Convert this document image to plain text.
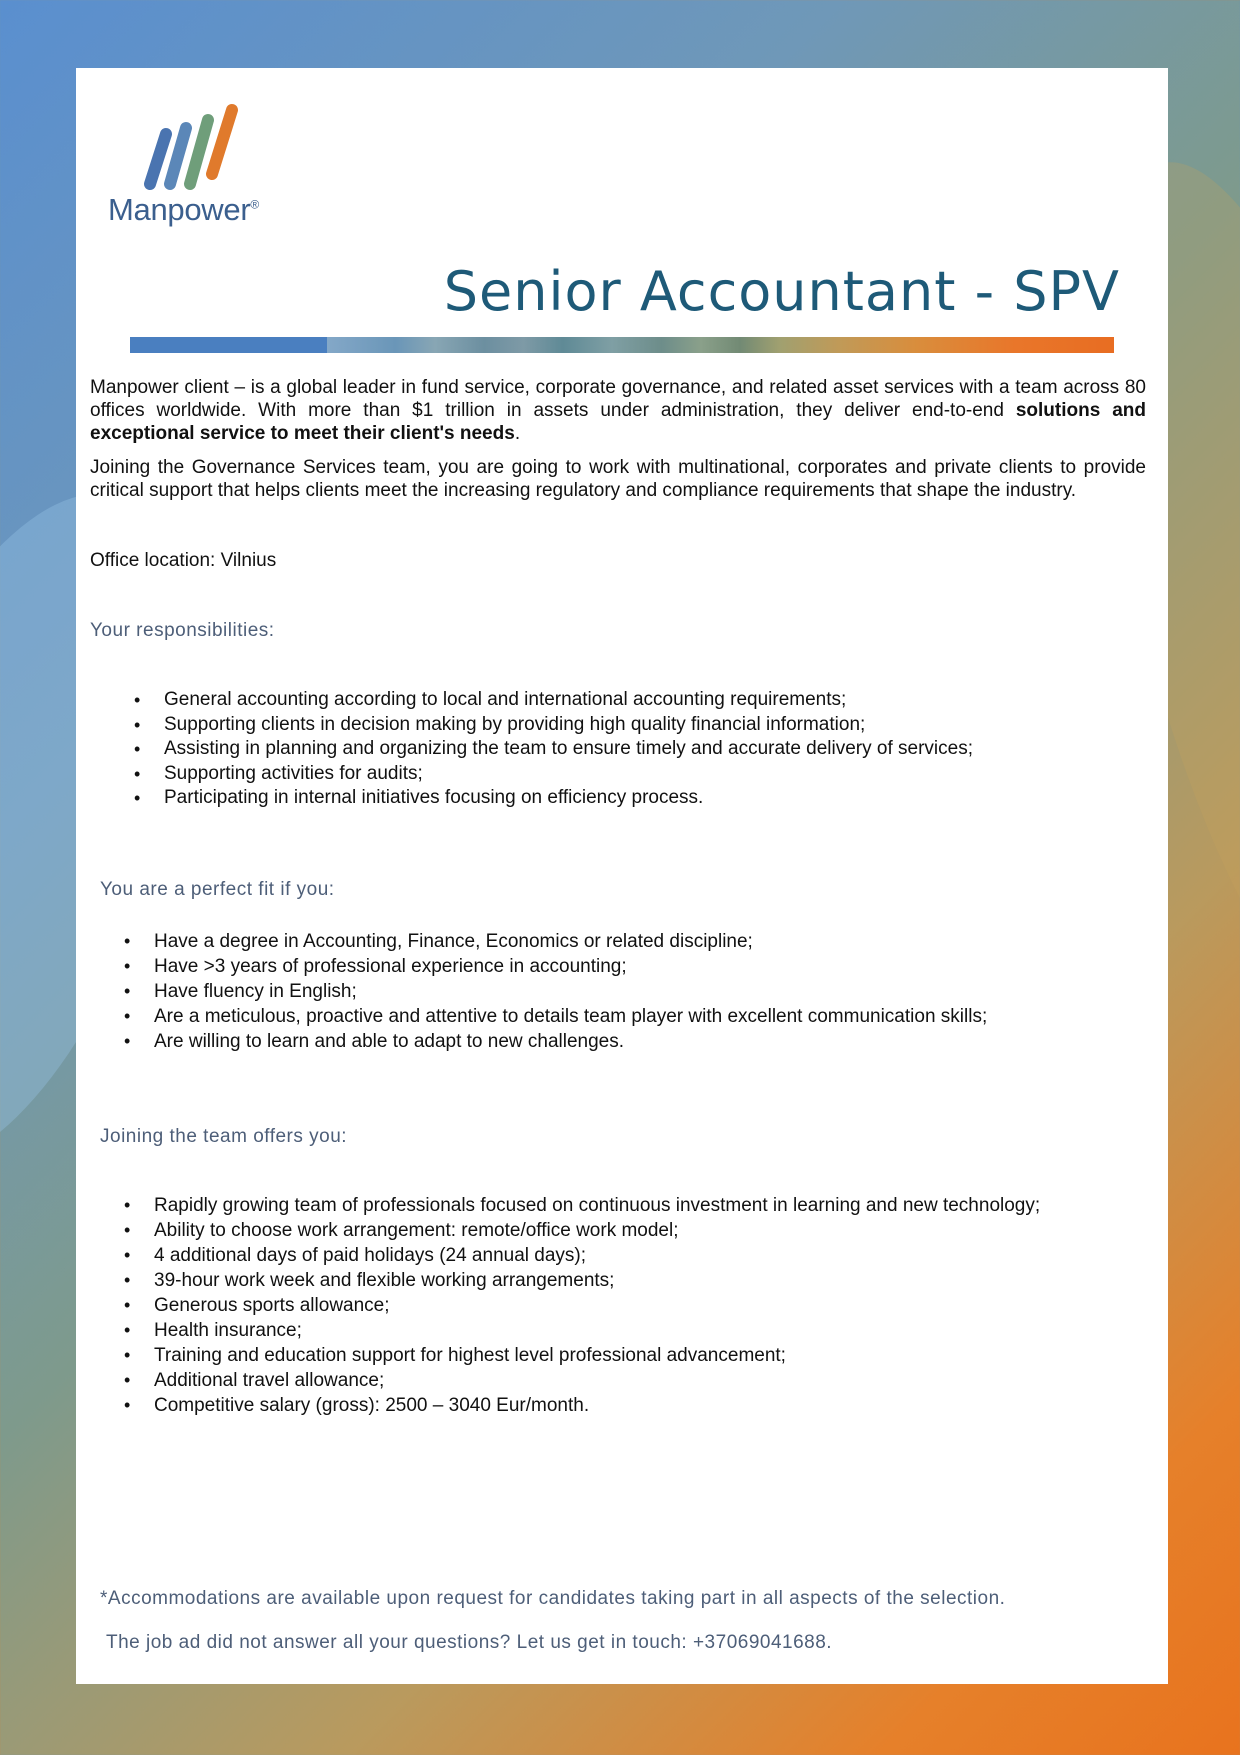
Manpower®
Senior Accountant - SPV

Manpower client – is a global leader in fund service, corporate governance, and related asset services with a team across 80 offices worldwide. With more than $1 trillion in assets under administration, they deliver end-to-end solutions and exceptional service to meet their client's needs.

Joining the Governance Services team, you are going to work with multinational, corporates and private clients to provide critical support that helps clients meet the increasing regulatory and compliance requirements that shape the industry.

Office location: Vilnius
Your responsibilities:
• General accounting according to local and international accounting requirements;
• Supporting clients in decision making by providing high quality financial information;
• Assisting in planning and organizing the team to ensure timely and accurate delivery of services;
• Supporting activities for audits;
• Participating in internal initiatives focusing on efficiency process.
You are a perfect fit if you:
• Have a degree in Accounting, Finance, Economics or related discipline;
• Have >3 years of professional experience in accounting;
• Have fluency in English;
• Are a meticulous, proactive and attentive to details team player with excellent communication skills;
• Are willing to learn and able to adapt to new challenges.
Joining the team offers you:
• Rapidly growing team of professionals focused on continuous investment in learning and new technology;
• Ability to choose work arrangement: remote/office work model;
• 4 additional days of paid holidays (24 annual days);
• 39-hour work week and flexible working arrangements;
• Generous sports allowance;
• Health insurance;
• Training and education support for highest level professional advancement;
• Additional travel allowance;
• Competitive salary (gross): 2500 – 3040 Eur/month.
*Accommodations are available upon request for candidates taking part in all aspects of the selection.
The job ad did not answer all your questions? Let us get in touch: +37069041688.
